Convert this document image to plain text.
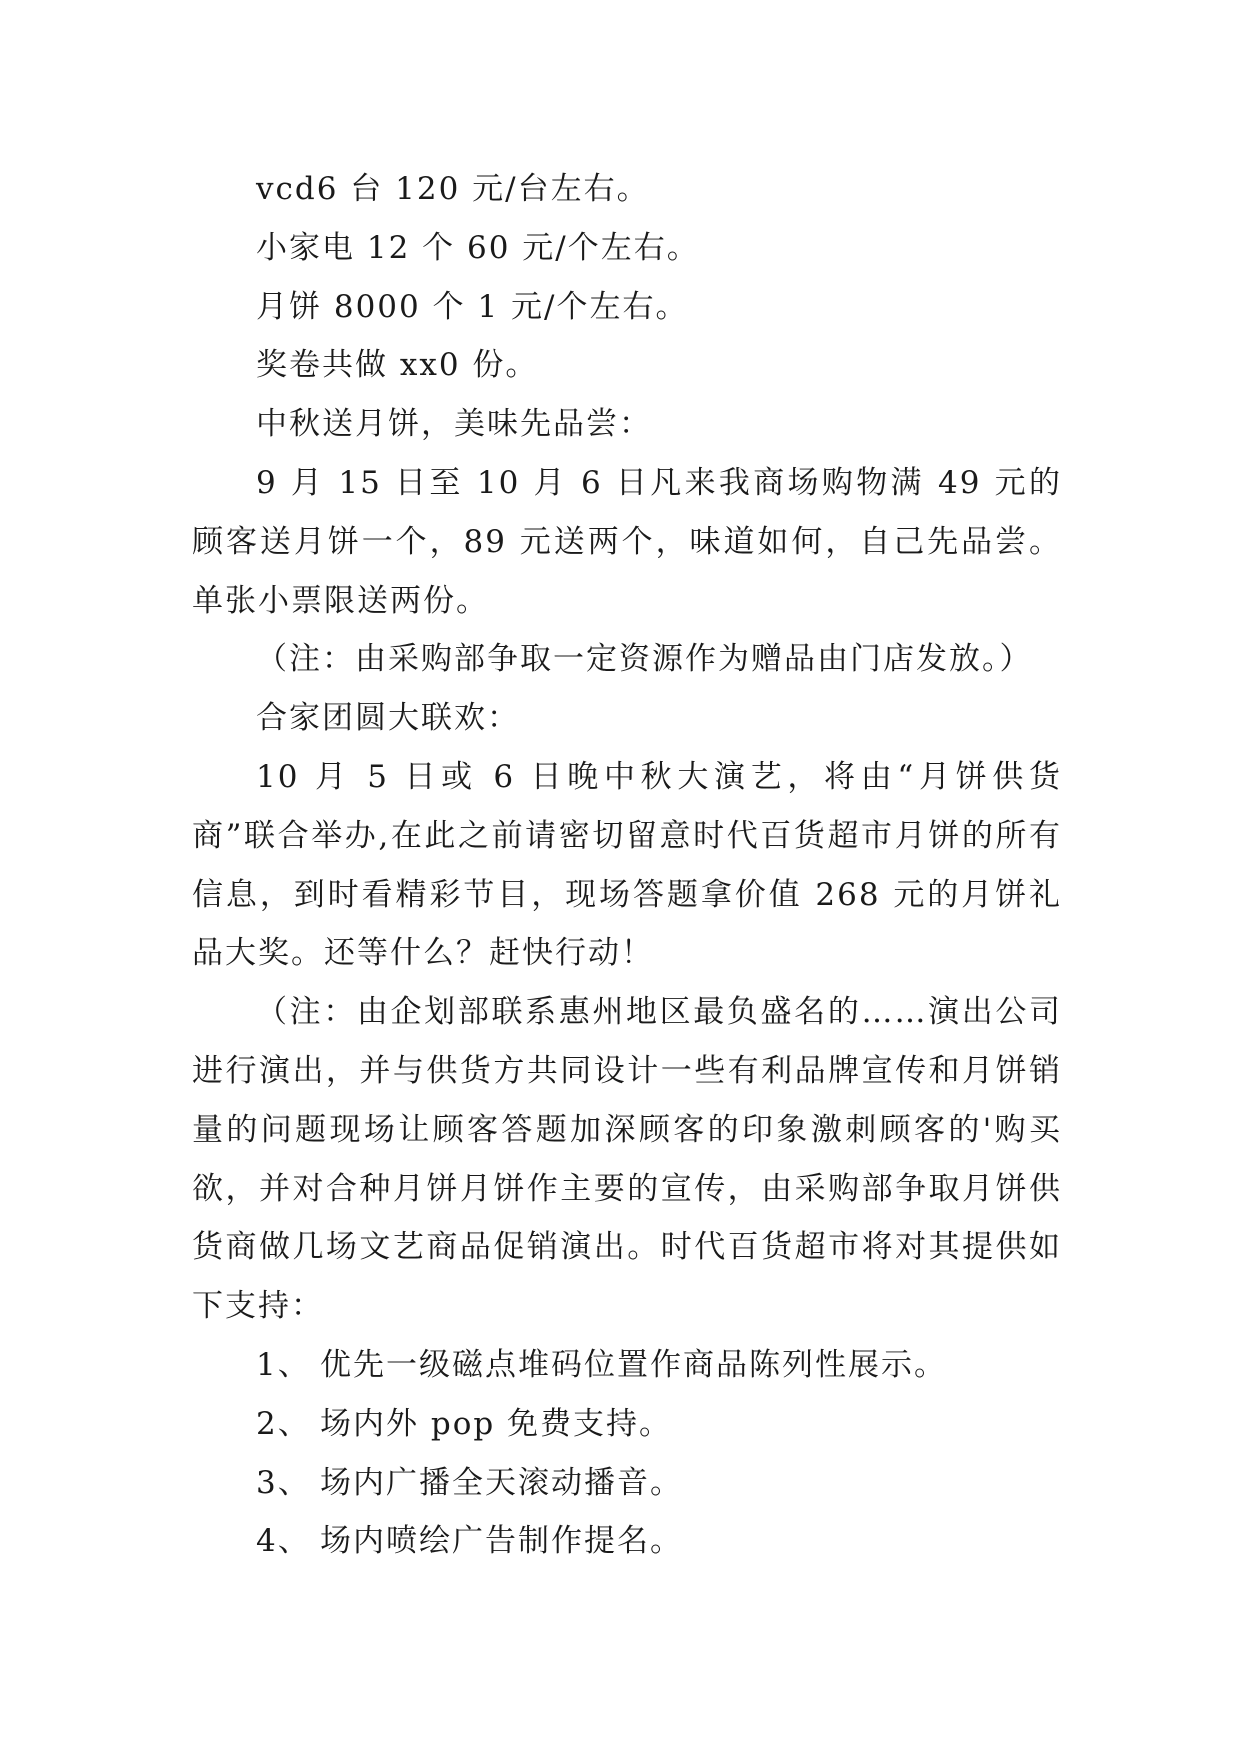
vcd6 台 120 元/台左右。

小家电 12 个 60 元/个左右。

月饼 8000 个 1 元/个左右。

奖卷共做 xx0 份。

中秋送月饼，美味先品尝：

9 月 15 日至 10 月 6 日凡来我商场购物满 49 元的顾客送月饼一个，89 元送两个，味道如何，自己先品尝。单张小票限送两份。

（注：由采购部争取一定资源作为赠品由门店发放。）

合家团圆大联欢：

10 月 5 日或 6 日晚中秋大演艺，将由“月饼供货商”联合举办,在此之前请密切留意时代百货超市月饼的所有信息，到时看精彩节目，现场答题拿价值 268 元的月饼礼品大奖。还等什么？赶快行动！

（注：由企划部联系惠州地区最负盛名的……演出公司进行演出，并与供货方共同设计一些有利品牌宣传和月饼销量的问题现场让顾客答题加深顾客的印象激刺顾客的'购买欲，并对合种月饼月饼作主要的宣传，由采购部争取月饼供货商做几场文艺商品促销演出。时代百货超市将对其提供如下支持：

1、 优先一级磁点堆码位置作商品陈列性展示。

2、 场内外 pop 免费支持。

3、 场内广播全天滚动播音。

4、 场内喷绘广告制作提名。
